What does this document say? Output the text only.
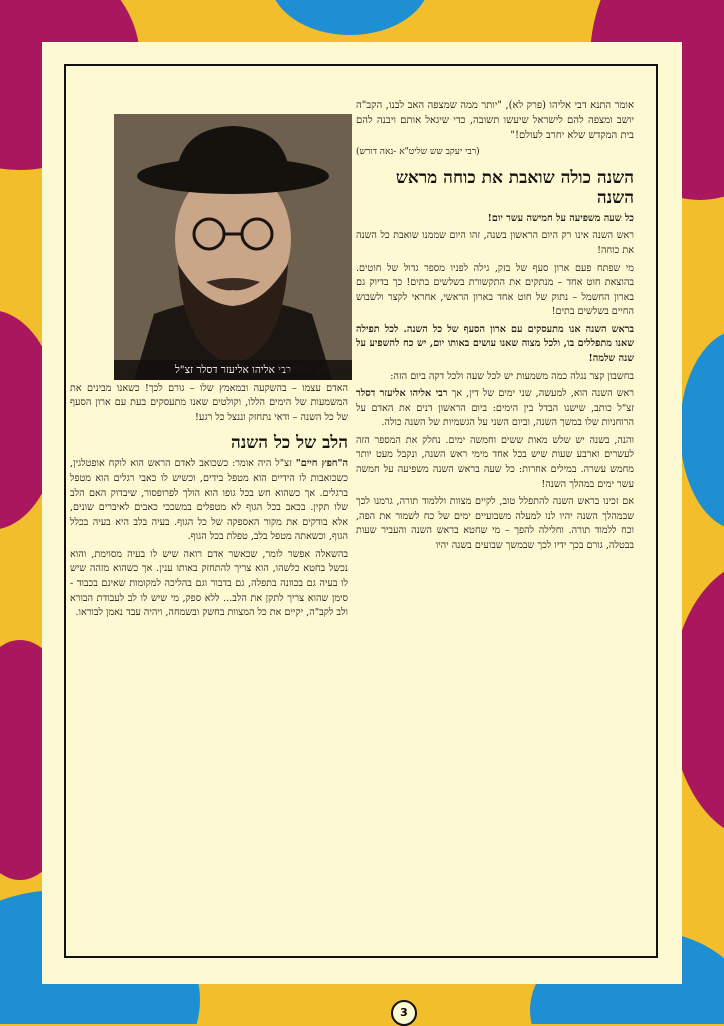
אומר התנא דבי אליהו (פרק לא), "יותר ממה שמצפה האב לבנו, הקב"ה יושב ומצפה להם לישראל שיעשו תשובה, כדי שיגאל אותם ויבנה להם בית המקדש שלא יחרב לעולם!"

(רבי יעקב שש שליט"א -נאה דורש)

השנה כולה שואבת את כוחה מראש השנה

כל שעה משפיעה על חמישה עשר יום!

ראש השנה אינו רק היום הראשון בשנה, זהו היום שממנו שואבת כל השנה את כוחה!

מי שפתח פעם ארון סעף של בזק, גילה לפניו מספר גדול של חוטים. בהוצאת חוט אחד – מנתקים את התקשורת בשלשים בתים! כך בדיוק גם בארון החשמל – נתוק של חוט אחד בארון הראשי, אחראי לקצר ולשבוש החיים בשלשים בתים!

בראש השנה אנו מתעסקים עם ארון הסעף של כל השנה. לכל תפילה שאנו מתפללים בו, ולכל מצוה שאנו עושים באותו יום, יש כח להשפיע על שנה שלמה!

בחשבון קצר נגלה כמה משמעות יש לכל שעה ולכל דקה ביום הזה:

ראש השנה הוא, למעשה, שני ימים של דין, אך רבי אליהו אליעזר דסלר זצ"ל כותב, שישנו הבדל בין הימים: ביום הראשון דנים את האדם על הרוחניות שלו במשך השנה, וביום השני על הגשמיות של השנה כולה.

והנה, בשנה יש שלש מאות ששים וחמשה ימים. נחלק את המספר הזה לעשרים וארבע שעות שיש בכל אחד מימי ראש השנה, ונקבל מעט יותר מחמש עשרה. במילים אחרות: כל שעה בראש השנה משפיעה על חמשה עשר ימים במהלך השנה!

אם זכינו בראש השנה להתפלל טוב, לקיים מצוות וללמוד תורה, גרמנו לכך שבמהלך השנה יהיו לנו למעלה משבועיים ימים של כח לשמור את הפה, וכח ללמוד תורה. וחלילה להפך – מי שחטא בראש השנה והעביר שעות בבטלה, גורם בכך ידיו לכך שבמשך שבועים בשנה יהיו

רבי אליהו אליעזר דסלר זצ"ל

לו קשיים ומפריעים.

האדם עצמו – בהשקעה ובמאמץ שלו – גורם לכך! כשאנו מבינים את המשמעות של הימים הללו, וקולטים שאנו מתעסקים בעת עם ארון הסעף של כל השנה – ודאי נתחזק וננצל כל רגע!

הלב של כל השנה

ה"חפץ חיים" זצ"ל היה אומר: כשכואב לאדם הראש הוא לוקח אופטלגין, כשכואבות לו הידיים הוא מטפל בידים, וכשיש לו כאבי רגלים הוא מטפל ברגלים. אך כשהוא חש בכל גופו הוא הולך לפרופסור, שיבדוק האם הלב שלו תקין. בכאב בכל הגוף לא מטפלים במשככי כאבים לאיברים שונים, אלא בודקים את מקור האספקה של כל הגוף. בעיה בלב היא בעיה בכלל הגוף, וכשאתה מטפל בלב, טפלת בכל הגוף.

בהשאלה אפשר לומר, שכאשר אדם רואה שיש לו בעיה מסוימת, והוא נכשל בחטא כלשהו, הוא צריך להתחזק באותו ענין. אך כשהוא מזהה שיש לו בעיה גם בכוונה בתפלה, גם בדבור וגם בהליכה למקומות שאינם בכבוד - סימן שהוא צריך לתקן את הלב... ללא ספק, מי שיש לו לב לעבודת הבורא ולב לקב"ה, יקיים את כל המצוות בחשק ובשמחה, ויהיה עבד נאמן לבוראו.

3
